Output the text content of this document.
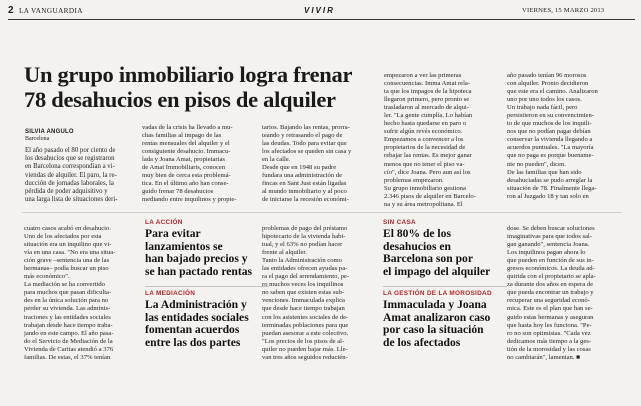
2 LA VANGUARDIA	VIVIR	VIERNES, 15 MARZO 2013
Un grupo inmobiliario logra frenar
78 desahucios en pisos de alquiler
SILVIA ANGULO
Barcelona

El año pasado el 80 por ciento de

los desahucios que se registraron

en Barcelona correspondían a vi-

viendas de alquiler. El paro, la re-

ducción de jornadas laborales, la

pérdida de poder adquisitivo y

una larga lista de situaciones deri-

vadas de la crisis ha llevado a mu-

chas familias al impago de las

rentas mensuales del alquiler y el

consiguiente desahucio. Immacu-

lada y Joana Amat, propietarias

de Amat Immobiliaris, conocen

muy bien de cerca esta problemá-

tica. En el último año han conse-

guido frenar 78 desahucios

mediando entre inquilinos y propie-

tarios. Bajando las rentas, prorra-

teando y retrasando el pago de

las deudas. Todo para evitar que

los afectados se queden sin casa y

en la calle.

Desde que en 1948 su padre

fundara una administración de

fincas en Sant Just están ligadas

al mundo inmobiliario y al poco

de iniciarse la recesión económi-

empezaron a ver las primeras

consecuencias. Imma Amat rela-

ta que los impagos de la hipoteca

llegaron primero, pero pronto se

trasladaron al mercado de alqui-

ler. "La gente cumplía. Lo habían

hecho hasta quedarse en paro o

sufrir algún revés económico.

Empezamos a convencer a los

propietarios de la necesidad de

rebajar las rentas. Es mejor ganar

menos que no tener el piso va-

cío", dice Joana. Pero aun así los

problemas empezaron.

Su grupo inmobiliario gestiona

2.346 pisos de alquiler en Barcelo-

na y su área metropolitana. El

año pasado tenían 96 morosos

con alquiler. Pronto decidieron

que este era el camino. Analizaron

uno por uno todos los casos.

Un trabajo nada fácil, pero

persistieron en su convencimien-

to de que muchos de los inquili-

nos que no podían pagar debían

conservar la vivienda llegando a

acuerdos puntuales. "La mayoría

que no paga es porque buename-

nte no pueden", dicen.

De las familias que han sido

desahuciadas se pudo arreglar la

situación de 78. Finalmente llega-

ron al Juzgado 18 y tan solo en

cuatro casos acabó en desahucio.

Uno de los afectados por esta

situación era un inquilino que vi-

vía en una casa. "No era una situa-

ción grave –sentencia una de las

hermanas– podía buscar un piso

más económico".

La mediación se ha convertido

para muchos que pasan dificulta-

des en la única solución para no

perder su vivienda. Las adminis-

traciones y las entidades sociales

trabajan desde hace tiempo traba-

jando en este campo. El año pasa-

do el Servicio de Mediación de la

Vivienda de Caritas atendió a 376

familias. De estas, el 37% tenían

LA ACCIÓN
Para evitar
lanzamientos se
han bajado precios y
se han pactado rentas
LA MEDIACIÓN
La Administración y
las entidades sociales
fomentan acuerdos
entre las dos partes

problemas de pago del préstamo

hipotecario de la vivienda habi-

tual, y el 63% no podían hacer

frente al alquiler.

Tanto la Administración como

las entidades ofrecen ayudas pa-

ra el pago del arrendamiento, pe-

ro muchos veces los inquilinos

no saben que existen estas sub-

venciones. Immaculada explica

que desde hace tiempo trabajan

con los asistentes sociales de de-

terminadas poblaciones para que

puedan asesorar a este colectivo.

"Los precios de los pisos de al-

quiler no pueden bajar más. Lle-

van tres años seguidos reducién-

SIN CASA
El 80% de los
desahucios en
Barcelona son por
el impago del alquiler
LA GESTIÓN DE LA MOROSIDAD
Immaculada y Joana
Amat analizaron caso
por caso la situación
de los afectados

dose. Se deben buscar soluciones

imaginativas para que todos sal-

gan ganando", sentencia Joana.

Los inquilinos pagan ahora lo

que pueden en función de sus in-

gresos económicos. La deuda ad-

quirida con el propietario se apla-

za durante dos años en espera de

que pueda encontrar un trabajo y

recuperar una seguridad econó-

mica. Este es el plan que han se-

guido estas hermanas y aseguran

que hasta hoy les funciona. "Pe-

ro no son optimistas. "Cada vez

dedicamos más tiempo a la ges-

tión de la morosidad y las cosas

no cambiarán", lamentan. ■
